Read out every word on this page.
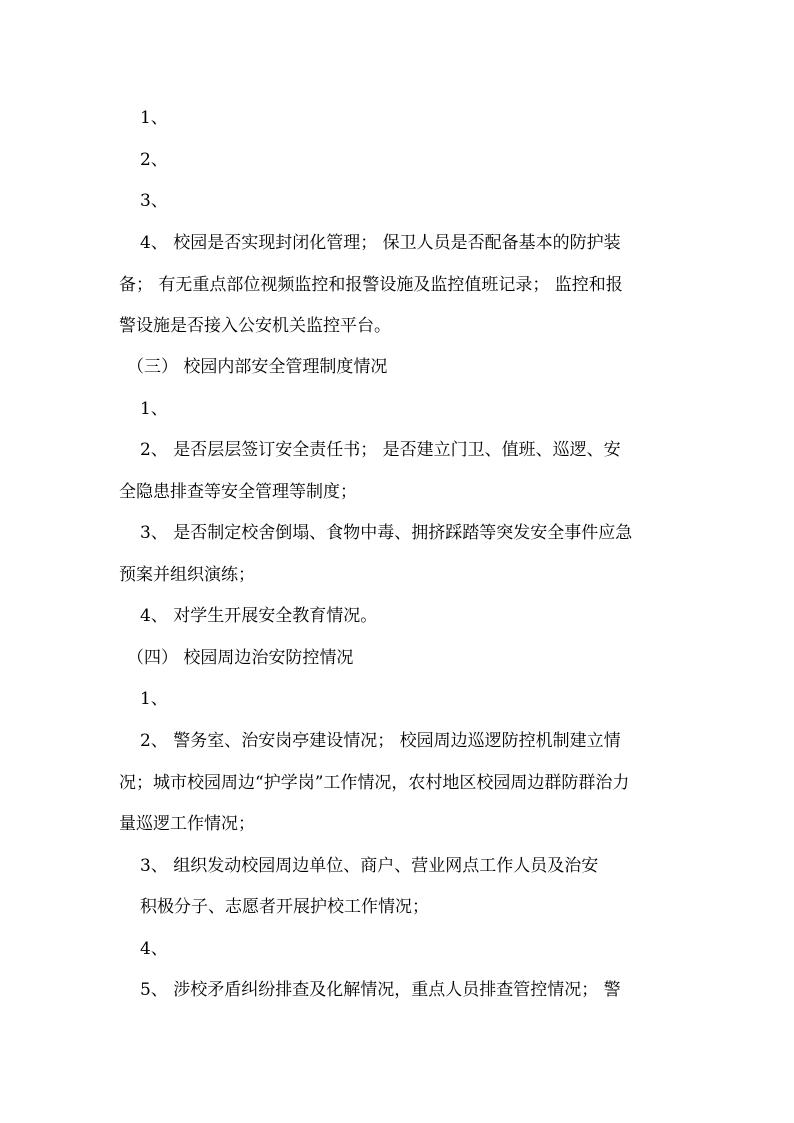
1、
2、
3、
4、 校园是否实现封闭化管理； 保卫人员是否配备基本的防护装
备； 有无重点部位视频监控和报警设施及监控值班记录； 监控和报
警设施是否接入公安机关监控平台。
（三） 校园内部安全管理制度情况
1、
2、 是否层层签订安全责任书； 是否建立门卫、值班、巡逻、安
全隐患排查等安全管理等制度；
3、 是否制定校舍倒塌、食物中毒、拥挤踩踏等突发安全事件应急
预案并组织演练；
4、 对学生开展安全教育情况。
（四） 校园周边治安防控情况
1、
2、 警务室、治安岗亭建设情况； 校园周边巡逻防控机制建立情
况；城市校园周边“护学岗”工作情况，农村地区校园周边群防群治力
量巡逻工作情况；
3、 组织发动校园周边单位、商户、营业网点工作人员及治安
积极分子、志愿者开展护校工作情况；
4、
5、 涉校矛盾纠纷排查及化解情况，重点人员排查管控情况； 警
